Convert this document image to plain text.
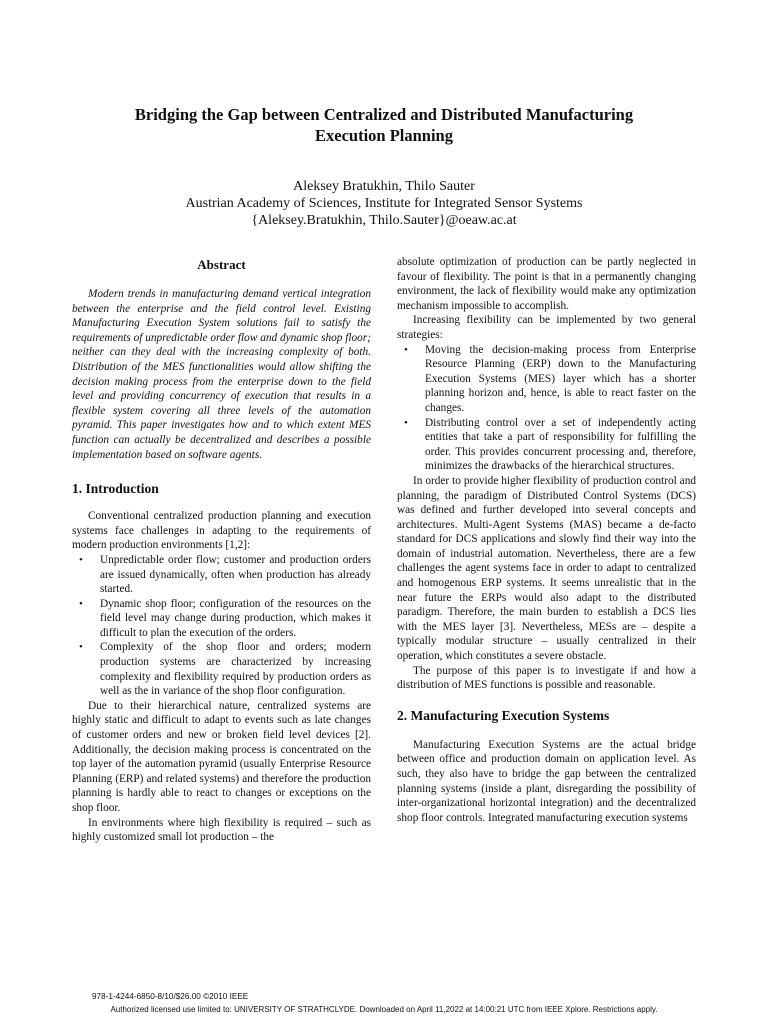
Bridging the Gap between Centralized and Distributed Manufacturing
Execution Planning
Aleksey Bratukhin, Thilo Sauter
Austrian Academy of Sciences, Institute for Integrated Sensor Systems
{Aleksey.Bratukhin, Thilo.Sauter}@oeaw.ac.at
Abstract

Modern trends in manufacturing demand vertical integration between the enterprise and the field control level. Existing Manufacturing Execution System solutions fail to satisfy the requirements of unpredictable order flow and dynamic shop floor; neither can they deal with the increasing complexity of both. Distribution of the MES functionalities would allow shifting the decision making process from the enterprise down to the field level and providing concurrency of execution that results in a flexible system covering all three levels of the automation pyramid. This paper investigates how and to which extent MES function can actually be decentralized and describes a possible implementation based on software agents.

1. Introduction

Conventional centralized production planning and execution systems face challenges in adapting to the requirements of modern production environments [1,2]:

• Unpredictable order flow; customer and production orders are issued dynamically, often when production has already started.
• Dynamic shop floor; configuration of the resources on the field level may change during production, which makes it difficult to plan the execution of the orders.
• Complexity of the shop floor and orders; modern production systems are characterized by increasing complexity and flexibility required by production orders as well as the in variance of the shop floor configuration.

Due to their hierarchical nature, centralized systems are highly static and difficult to adapt to events such as late changes of customer orders and new or broken field level devices [2]. Additionally, the decision making process is concentrated on the top layer of the automation pyramid (usually Enterprise Resource Planning (ERP) and related systems) and therefore the production planning is hardly able to react to changes or exceptions on the shop floor.

In environments where high flexibility is required – such as highly customized small lot production – the

absolute optimization of production can be partly neglected in favour of flexibility. The point is that in a permanently changing environment, the lack of flexibility would make any optimization mechanism impossible to accomplish.

Increasing flexibility can be implemented by two general strategies:

• Moving the decision-making process from Enterprise Resource Planning (ERP) down to the Manufacturing Execution Systems (MES) layer which has a shorter planning horizon and, hence, is able to react faster on the changes.
• Distributing control over a set of independently acting entities that take a part of responsibility for fulfilling the order. This provides concurrent processing and, therefore, minimizes the drawbacks of the hierarchical structures.

In order to provide higher flexibility of production control and planning, the paradigm of Distributed Control Systems (DCS) was defined and further developed into several concepts and architectures. Multi-Agent Systems (MAS) became a de-facto standard for DCS applications and slowly find their way into the domain of industrial automation. Nevertheless, there are a few challenges the agent systems face in order to adapt to centralized and homogenous ERP systems. It seems unrealistic that in the near future the ERPs would also adapt to the distributed paradigm. Therefore, the main burden to establish a DCS lies with the MES layer [3]. Nevertheless, MESs are – despite a typically modular structure – usually centralized in their operation, which constitutes a severe obstacle.

The purpose of this paper is to investigate if and how a distribution of MES functions is possible and reasonable.

2. Manufacturing Execution Systems

Manufacturing Execution Systems are the actual bridge between office and production domain on application level. As such, they also have to bridge the gap between the centralized planning systems (inside a plant, disregarding the possibility of inter-organizational horizontal integration) and the decentralized shop floor controls. Integrated manufacturing execution systems

978-1-4244-6850-8/10/$26.00 ©2010 IEEE
Authorized licensed use limited to: UNIVERSITY OF STRATHCLYDE. Downloaded on April 11,2022 at 14:00:21 UTC from IEEE Xplore. Restrictions apply.
